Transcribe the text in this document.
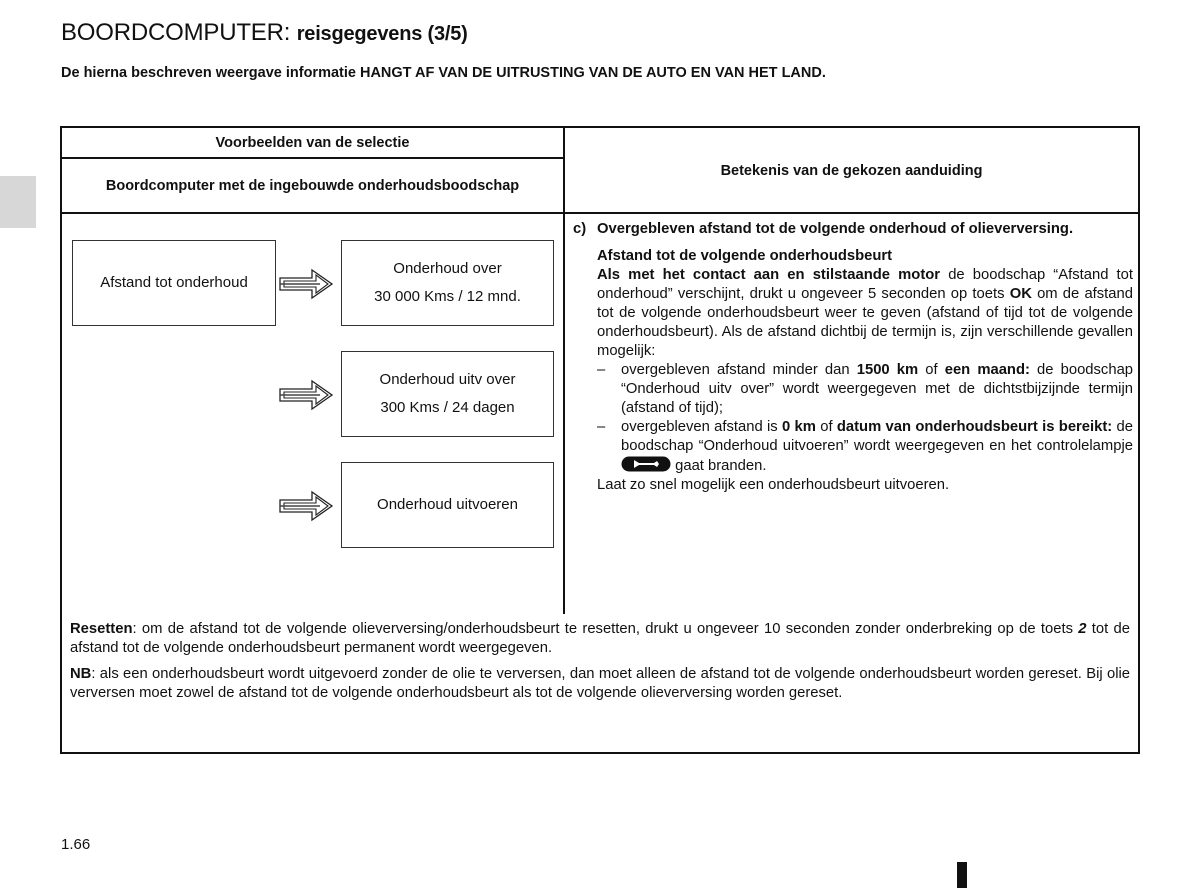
BOORDCOMPUTER: reisgegevens (3/5)

De hierna beschreven weergave informatie HANGT AF VAN DE UITRUSTING VAN DE AUTO EN VAN HET LAND.

Voorbeelden van de selectie
Boordcomputer met de ingebouwde onderhoudsboodschap
Betekenis van de gekozen aanduiding
Afstand tot onderhoud
Onderhoud over
30 000 Kms / 12 mnd.
Onderhoud uitv over
300 Kms / 24 dagen
Onderhoud uitvoeren
c) Overgebleven afstand tot de volgende onderhoud of olieverversing.

Afstand tot de volgende onderhoudsbeurt

Als met het contact aan en stilstaande motor de boodschap “Afstand tot onderhoud” verschijnt, drukt u ongeveer 5 seconden op toets OK om de afstand tot de volgende onderhoudsbeurt weer te geven (afstand of tijd tot de volgende onderhoudsbeurt). Als de afstand dichtbij de termijn is, zijn verschillende gevallen mogelijk:

–	overgebleven afstand minder dan 1500 km of een maand: de boodschap “Onderhoud uitv over” wordt weergegeven met de dichtstbijzijnde termijn (afstand of tijd);
–	overgebleven afstand is 0 km of datum van onderhoudsbeurt is bereikt: de boodschap “Onderhoud uitvoeren” wordt weergegeven en het controlelampje  gaat branden.

Laat zo snel mogelijk een onderhoudsbeurt uitvoeren.

Resetten: om de afstand tot de volgende olieverversing/onderhoudsbeurt te resetten, drukt u ongeveer 10 seconden zonder onderbreking op de toets 2 tot de afstand tot de volgende onderhoudsbeurt permanent wordt weergegeven.

NB: als een onderhoudsbeurt wordt uitgevoerd zonder de olie te verversen, dan moet alleen de afstand tot de volgende onderhoudsbeurt worden gereset. Bij olie verversen moet zowel de afstand tot de volgende onderhoudsbeurt als tot de volgende olieverversing worden gereset.

1.66
